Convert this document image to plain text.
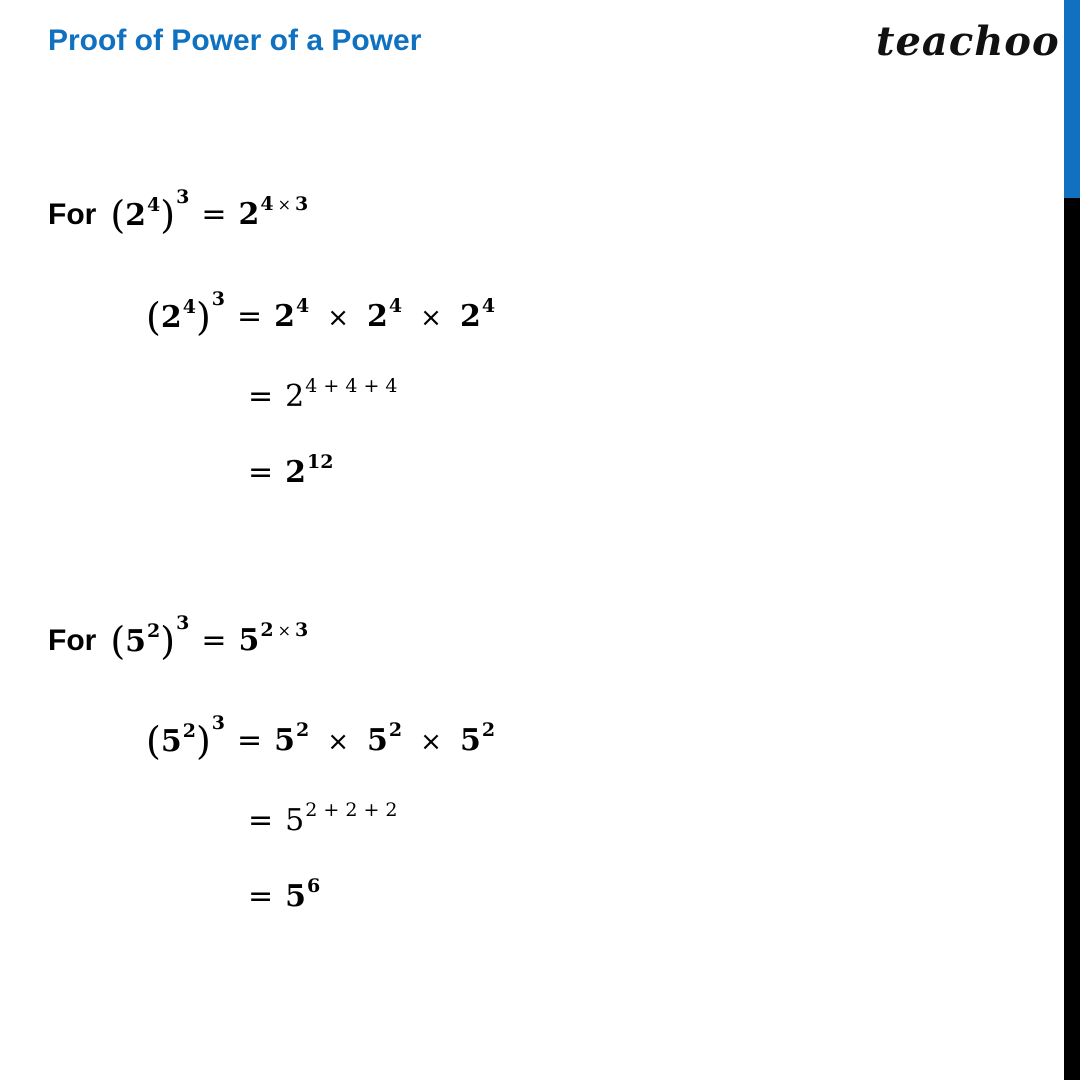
Proof of Power of a Power	teachoo
For $(2^4)^3 = 2^{4 \times 3}$
$(2^4)^3 = 2^4 \times 2^4 \times 2^4$
= $2^{4 + 4 + 4}$
= $2^{12}$
For $(5^2)^3 = 5^{2 \times 3}$
$(5^2)^3 = 5^2 \times 5^2 \times 5^2$
= $5^{2 + 2 + 2}$
= $5^6$
